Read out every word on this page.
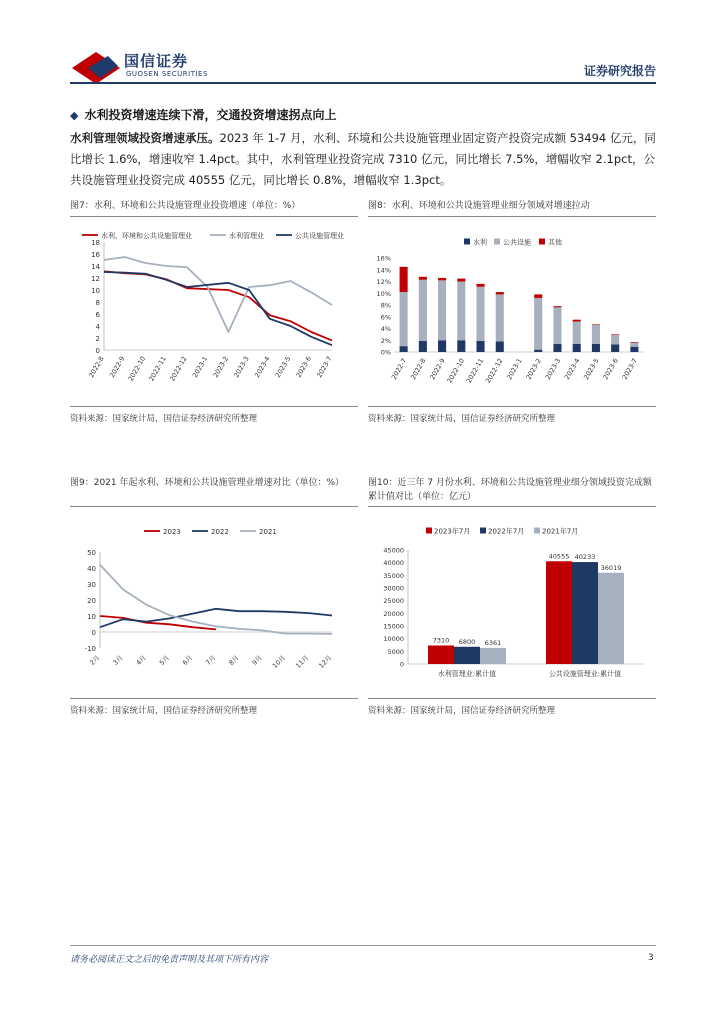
国信证券
GUOSEN SECURITIES	证券研究报告
◆ 水利投资增速连续下滑，交通投资增速拐点向上
水利管理领域投资增速承压。2023 年 1-7 月，水利、环境和公共设施管理业固定资产投资完成额 53494 亿元，同比增长 1.6%，增速收窄 1.4pct。其中，水利管理业投资完成 7310 亿元，同比增长 7.5%，增幅收窄 2.1pct，公共设施管理业投资完成 40555 亿元，同比增长 0.8%，增幅收窄 1.3pct。
图7：水利、环境和公共设施管理业投资增速（单位：%）
0
2
4
6
8
10
12
14
16
18
2022-8 2022-9 2022-10 2022-11 2022-12 2023-1 2023-2 2023-3 2023-4 2023-5 2023-6 2023-7
水利、环境和公共设施管理业	水利管理业	公共设施管理业
资料来源：国家统计局，国信证券经济研究所整理
图8：水利、环境和公共设施管理业细分领域对增速拉动
0%
2%
4%
6%
8%
10%
12%
14%
16%
2022-7 2022-8 2022-9
2022-10
2022-11
2022-12 2023-1 2023-2 2023-3 2023-4 2023-5 2023-6 2023-7
水利 公共设施 其他
资料来源：国家统计局，国信证券经济研究所整理
图9：2021 年起水利、环境和公共设施管理业增速对比（单位：%）
-10
0
10
20
30
40
50
2月 3月 4月 5月 6月 7月 8月 9月 10月 11月 12月
2023	2022	2021
资料来源：国家统计局，国信证券经济研究所整理
图10：近三年 7 月份水利、环境和公共设施管理业细分领域投资完成额累计值对比（单位：亿元）
0
5000
10000
15000
20000
25000
30000
35000
40000
45000
7310 6800 6361
水利管理业:累计值
40555 40233
36019
公共设施管理业:累计值
2023年7月	2022年7月	2021年7月
资料来源：国家统计局，国信证券经济研究所整理
请务必阅读正文之后的免责声明及其项下所有内容	3
